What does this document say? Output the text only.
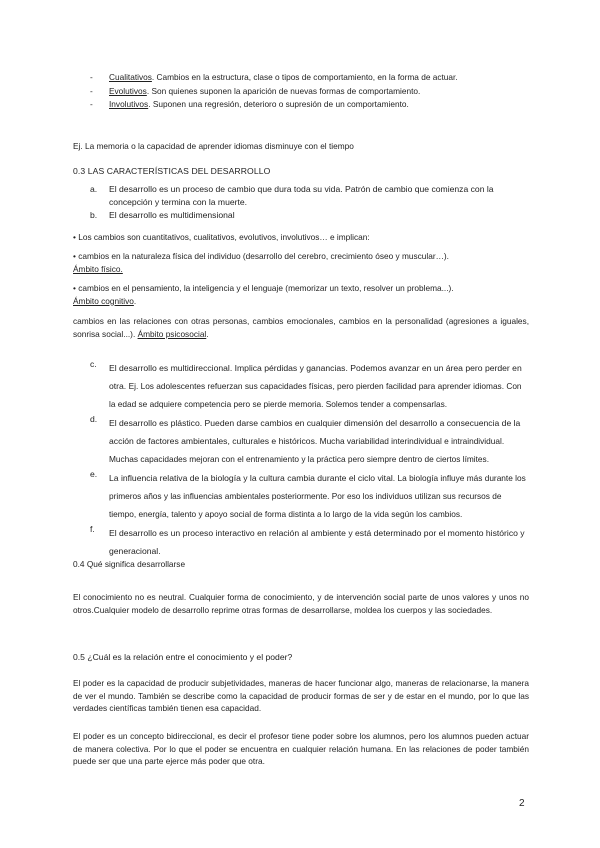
- Cualitativos. Cambios en la estructura, clase o tipos de comportamiento, en la forma de actuar.

- Evolutivos. Son quienes suponen la aparición de nuevas formas de comportamiento.

- Involutivos. Suponen una regresión, deterioro o supresión de un comportamiento.

Ej. La memoria o la capacidad de aprender idiomas disminuye con el tiempo

0.3 LAS CARACTERÍSTICAS DEL DESARROLLO

a. El desarrollo es un proceso de cambio que dura toda su vida. Patrón de cambio que comienza con la concepción y termina con la muerte.

b. El desarrollo es multidimensional

• Los cambios son cuantitativos, cualitativos, evolutivos, involutivos… e implican:

• cambios en la naturaleza física del individuo (desarrollo del cerebro, crecimiento óseo y muscular…). Ámbito físico.

• cambios en el pensamiento, la inteligencia y el lenguaje (memorizar un texto, resolver un problema...). Ámbito cognitivo.

cambios en las relaciones con otras personas, cambios emocionales, cambios en la personalidad (agresiones a iguales, sonrisa social...). Ámbito psicosocial.

c. El desarrollo es multidireccional. Implica pérdidas y ganancias. Podemos avanzar en un área pero perder en otra. Ej. Los adolescentes refuerzan sus capacidades físicas, pero pierden facilidad para aprender idiomas. Con la edad se adquiere competencia pero se pierde memoria. Solemos tender a compensarlas.

d. El desarrollo es plástico. Pueden darse cambios en cualquier dimensión del desarrollo a consecuencia de la acción de factores ambientales, culturales e históricos. Mucha variabilidad interindividual e intraindividual. Muchas capacidades mejoran con el entrenamiento y la práctica pero siempre dentro de ciertos límites.

e. La influencia relativa de la biología y la cultura cambia durante el ciclo vital. La biología influye más durante los primeros años y las influencias ambientales posteriormente. Por eso los individuos utilizan sus recursos de tiempo, energía, talento y apoyo social de forma distinta a lo largo de la vida según los cambios.

f. El desarrollo es un proceso interactivo en relación al ambiente y está determinado por el momento histórico y generacional.

0.4 Qué significa desarrollarse

El conocimiento no es neutral. Cualquier forma de conocimiento, y de intervención social parte de unos valores y unos no otros.Cualquier modelo de desarrollo reprime otras formas de desarrollarse, moldea los cuerpos y las sociedades.

0.5 ¿Cuál es la relación entre el conocimiento y el poder?

El poder es la capacidad de producir subjetividades, maneras de hacer funcionar algo, maneras de relacionarse, la manera de ver el mundo. También se describe como la capacidad de producir formas de ser y de estar en el mundo, por lo que las verdades científicas también tienen esa capacidad.

El poder es un concepto bidireccional, es decir el profesor tiene poder sobre los alumnos, pero los alumnos pueden actuar de manera colectiva. Por lo que el poder se encuentra en cualquier relación humana. En las relaciones de poder también puede ser que una parte ejerce más poder que otra.

2
